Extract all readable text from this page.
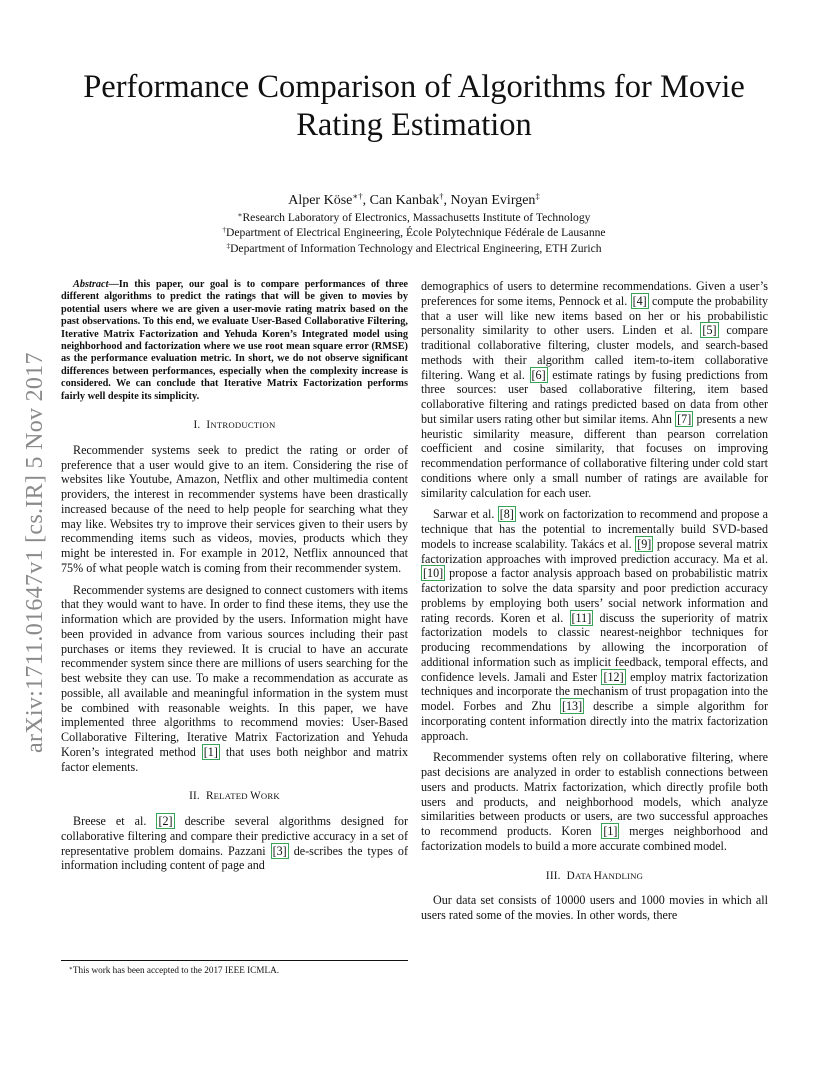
Performance Comparison of Algorithms for Movie
Rating Estimation
Alper Köse∗†, Can Kanbak†, Noyan Evirgen‡
∗Research Laboratory of Electronics, Massachusetts Institute of Technology
†Department of Electrical Engineering, École Polytechnique Fédérale de Lausanne
‡Department of Information Technology and Electrical Engineering, ETH Zurich
arXiv:1711.01647v1 [cs.IR] 5 Nov 2017

Abstract—In this paper, our goal is to compare performances of three different algorithms to predict the ratings that will be given to movies by potential users where we are given a user-movie rating matrix based on the past observations. To this end, we evaluate User-Based Collaborative Filtering, Iterative Matrix Factorization and Yehuda Koren’s Integrated model using neighborhood and factorization where we use root mean square error (RMSE) as the performance evaluation metric. In short, we do not observe significant differences between performances, especially when the complexity increase is considered. We can conclude that Iterative Matrix Factorization performs fairly well despite its simplicity.

I. INTRODUCTION

Recommender systems seek to predict the rating or order of preference that a user would give to an item. Considering the rise of websites like Youtube, Amazon, Netflix and other multimedia content providers, the interest in recommender systems have been drastically increased because of the need to help people for searching what they may like. Websites try to improve their services given to their users by recommending items such as videos, movies, products which they might be interested in. For example in 2012, Netflix announced that 75% of what people watch is coming from their recommender system.

Recommender systems are designed to connect customers with items that they would want to have. In order to find these items, they use the information which are provided by the users. Information might have been provided in advance from various sources including their past purchases or items they reviewed. It is crucial to have an accurate recommender system since there are millions of users searching for the best website they can use. To make a recommendation as accurate as possible, all available and meaningful information in the system must be combined with reasonable weights. In this paper, we have implemented three algorithms to recommend movies: User-Based Collaborative Filtering, Iterative Matrix Factorization and Yehuda Koren’s integrated method [1] that uses both neighbor and matrix factor elements.

II. RELATED WORK

Breese et al. [2] describe several algorithms designed for collaborative filtering and compare their predictive accuracy in a set of representative problem domains. Pazzani [3] de-scribes the types of information including content of page and

∗This work has been accepted to the 2017 IEEE ICMLA.

demographics of users to determine recommendations. Given a user’s preferences for some items, Pennock et al. [4] compute the probability that a user will like new items based on her or his probabilistic personality similarity to other users. Linden et al. [5] compare traditional collaborative filtering, cluster models, and search-based methods with their algorithm called item-to-item collaborative filtering. Wang et al. [6] estimate ratings by fusing predictions from three sources: user based collaborative filtering, item based collaborative filtering and ratings predicted based on data from other but similar users rating other but similar items. Ahn [7] presents a new heuristic similarity measure, different than pearson correlation coefficient and cosine similarity, that focuses on improving recommendation performance of collaborative filtering under cold start conditions where only a small number of ratings are available for similarity calculation for each user.

Sarwar et al. [8] work on factorization to recommend and propose a technique that has the potential to incrementally build SVD-based models to increase scalability. Takács et al. [9] propose several matrix factorization approaches with improved prediction accuracy. Ma et al. [10] propose a factor analysis approach based on probabilistic matrix factorization to solve the data sparsity and poor prediction accuracy problems by employing both users’ social network information and rating records. Koren et al. [11] discuss the superiority of matrix factorization models to classic nearest-neighbor techniques for producing recommendations by allowing the incorporation of additional information such as implicit feedback, temporal effects, and confidence levels. Jamali and Ester [12] employ matrix factorization techniques and incorporate the mechanism of trust propagation into the model. Forbes and Zhu [13] describe a simple algorithm for incorporating content information directly into the matrix factorization approach.

Recommender systems often rely on collaborative filtering, where past decisions are analyzed in order to establish connections between users and products. Matrix factorization, which directly profile both users and products, and neighborhood models, which analyze similarities between products or users, are two successful approaches to recommend products. Koren [1] merges neighborhood and factorization models to build a more accurate combined model.

III. DATA HANDLING

Our data set consists of 10000 users and 1000 movies in which all users rated some of the movies. In other words, there
